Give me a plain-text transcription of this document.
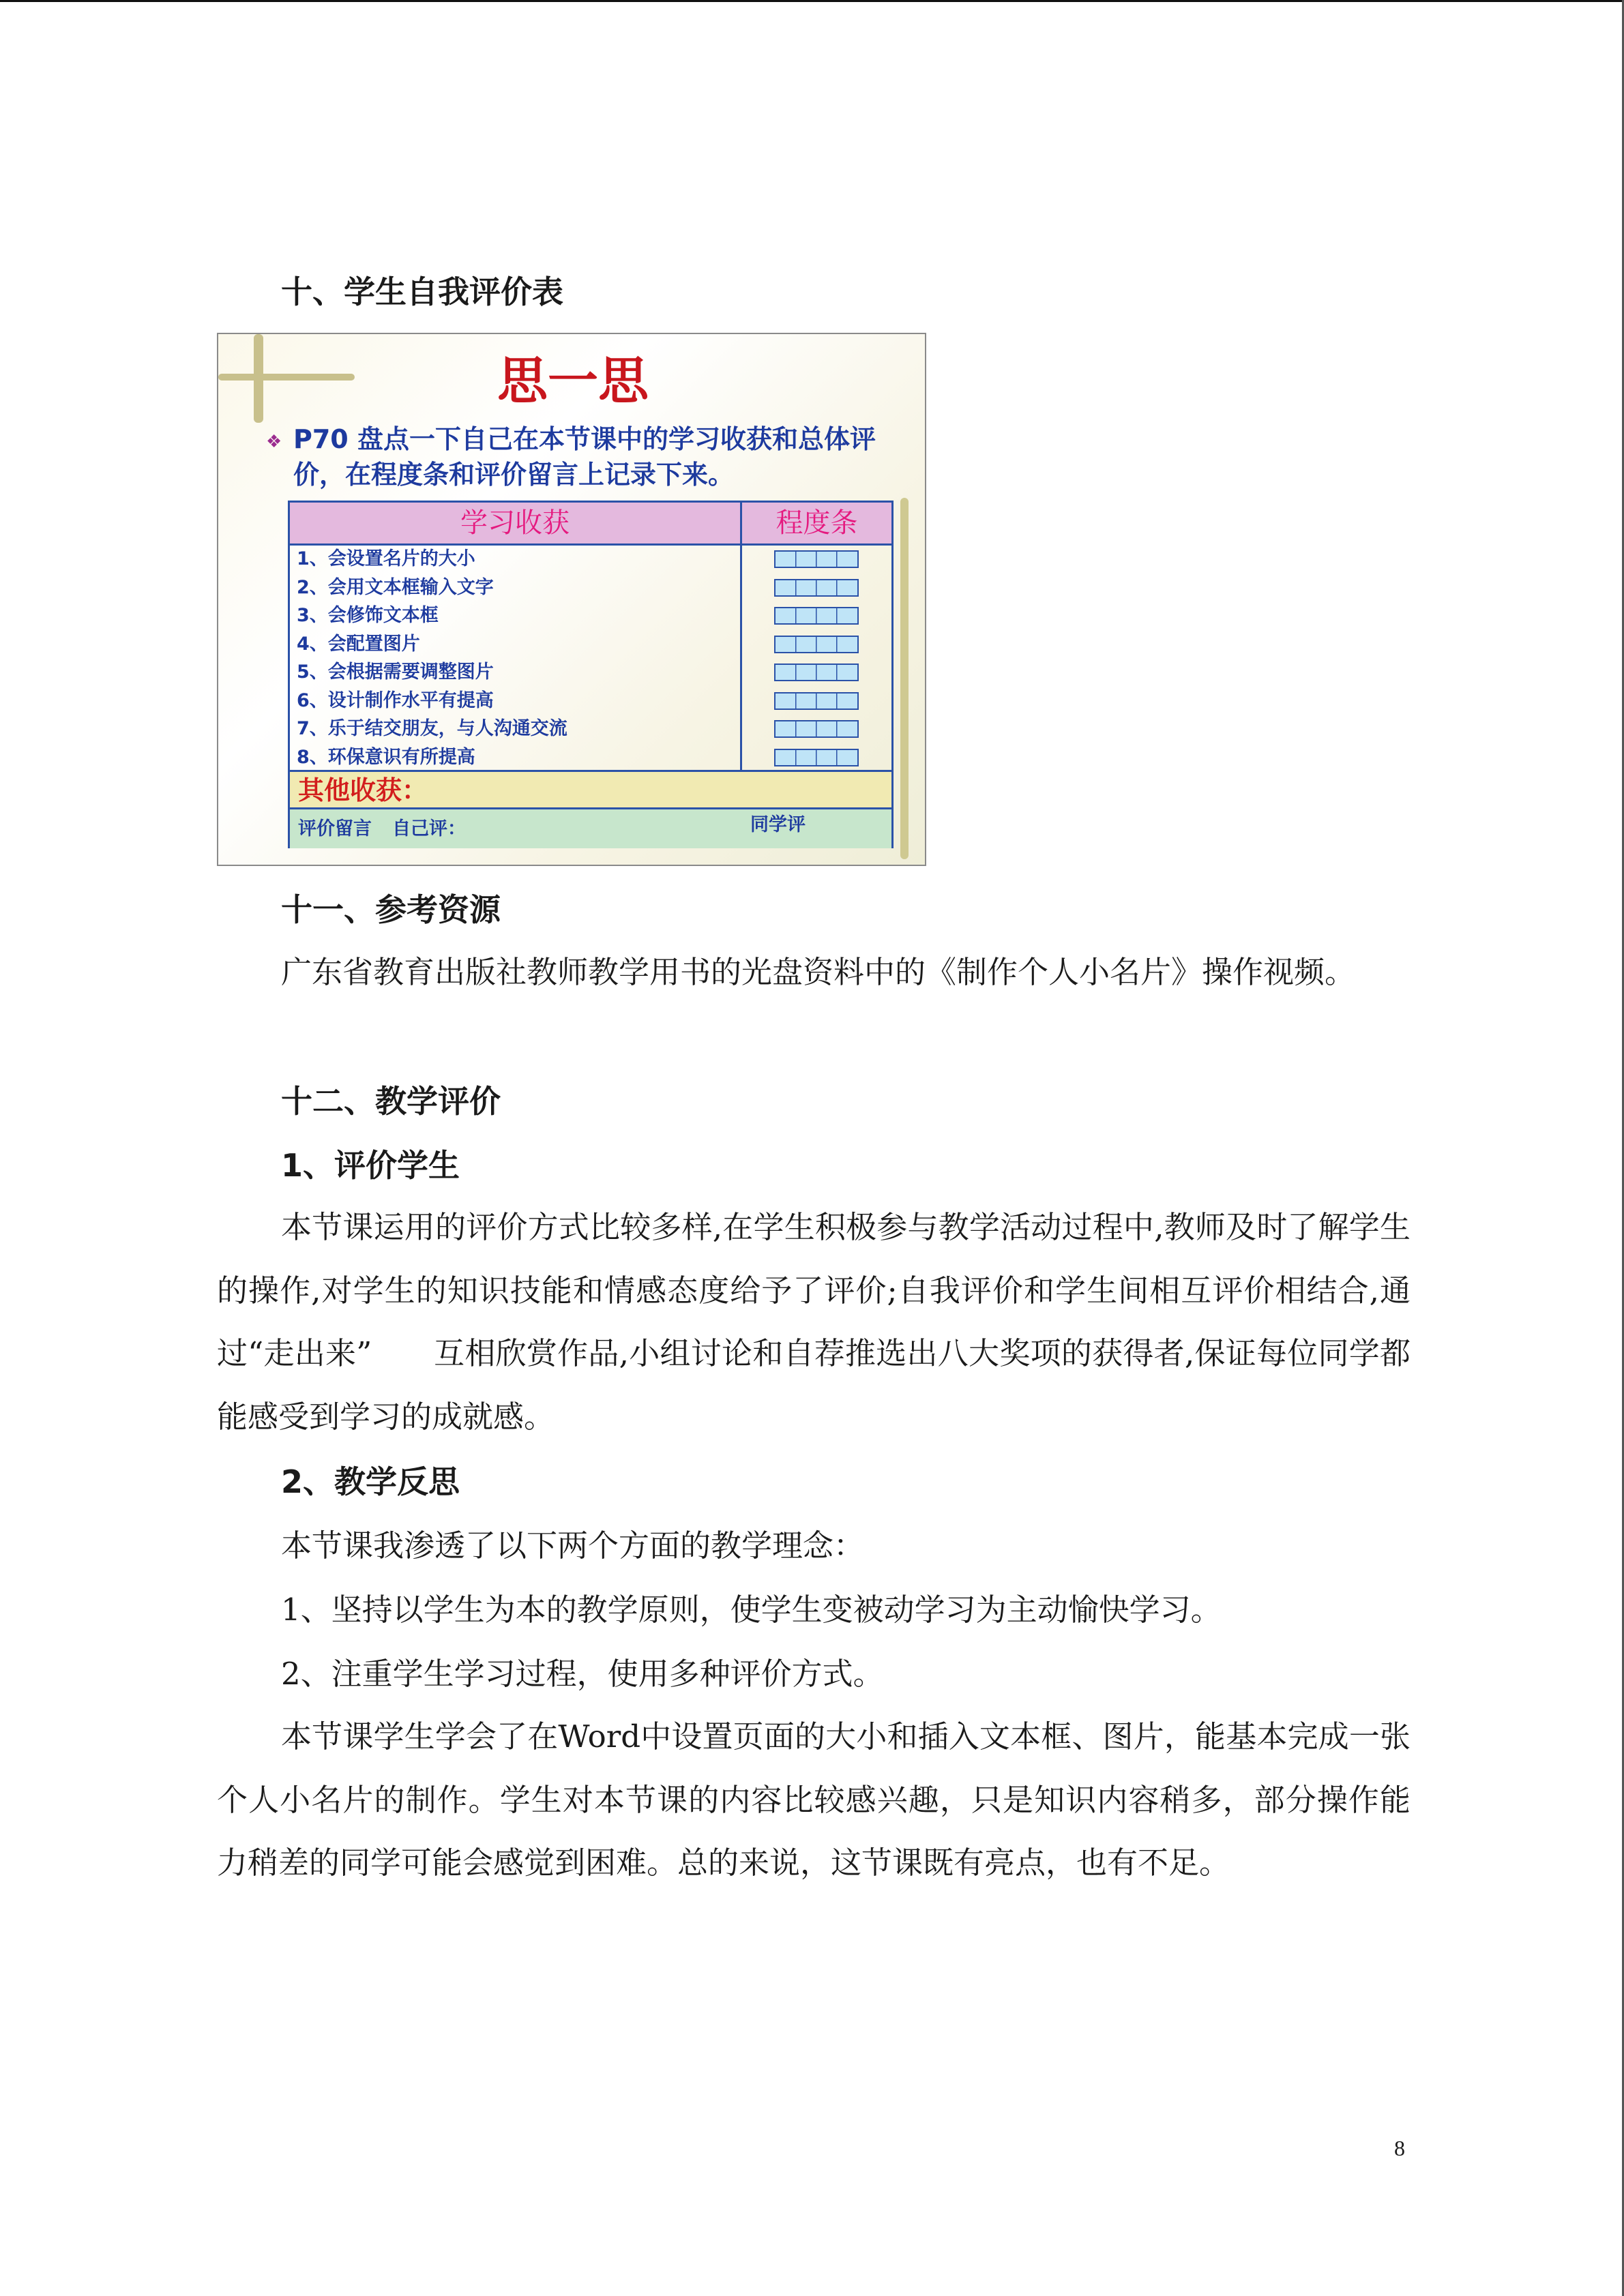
十、学生自我评价表
思一思
❖ P70 盘点一下自己在本节课中的学习收获和总体评价，在程度条和评价留言上记录下来。
学习收获	程度条
1、会设置名片的大小
2、会用文本框输入文字
3、会修饰文本框
4、会配置图片
5、会根据需要调整图片
6、设计制作水平有提高
7、乐于结交朋友，与人沟通交流
8、环保意识有所提高
其他收获：
评价留言 自己评：	同学评
十一、参考资源
广东省教育出版社教师教学用书的光盘资料中的《制作个人小名片》操作视频。
十二、教学评价
1、评价学生
本节课运用的评价方式比较多样,在学生积极参与教学活动过程中,教师及时了解学生的操作,对学生的知识技能和情感态度给予了评价;自我评价和学生间相互评价相结合,通过“走出来”　　互相欣赏作品,小组讨论和自荐推选出八大奖项的获得者,保证每位同学都能感受到学习的成就感。
2、教学反思
本节课我渗透了以下两个方面的教学理念：
1、坚持以学生为本的教学原则，使学生变被动学习为主动愉快学习。
2、注重学生学习过程，使用多种评价方式。
本节课学生学会了在Word中设置页面的大小和插入文本框、图片，能基本完成一张个人小名片的制作。学生对本节课的内容比较感兴趣，只是知识内容稍多，部分操作能力稍差的同学可能会感觉到困难。总的来说，这节课既有亮点，也有不足。
8
